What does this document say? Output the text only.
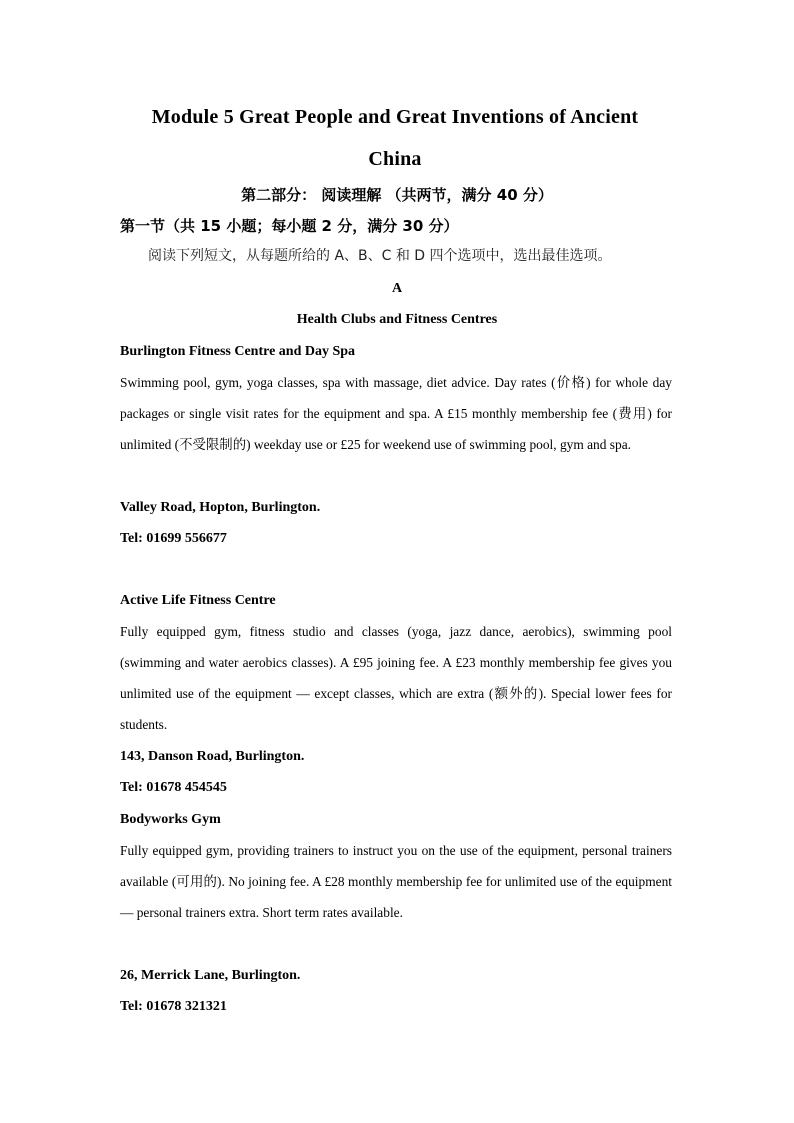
Module 5 Great People and Great Inventions of Ancient
China
第二部分： 阅读理解 （共两节，满分 40 分）
第一节（共 15 小题；每小题 2 分，满分 30 分）
阅读下列短文，从每题所给的 A、B、C 和 D 四个选项中，选出最佳选项。
A
Health Clubs and Fitness Centres
Burlington Fitness Centre and Day Spa
Swimming pool, gym, yoga classes, spa with massage, diet advice. Day rates (价格) for whole day packages or single visit rates for the equipment and spa. A £15 monthly membership fee (费用) for unlimited (不受限制的) weekday use or £25 for weekend use of swimming pool, gym and spa.
Valley Road, Hopton, Burlington.
Tel: 01699 556677
Active Life Fitness Centre
Fully equipped gym, fitness studio and classes (yoga, jazz dance, aerobics), swimming pool (swimming and water aerobics classes). A £95 joining fee. A £23 monthly membership fee gives you unlimited use of the equipment — except classes, which are extra (额外的). Special lower fees for students.
143, Danson Road, Burlington.
Tel: 01678 454545
Bodyworks Gym
Fully equipped gym, providing trainers to instruct you on the use of the equipment, personal trainers available (可用的). No joining fee. A £28 monthly membership fee for unlimited use of the equipment — personal trainers extra. Short term rates available.
26, Merrick Lane, Burlington.
Tel: 01678 321321
